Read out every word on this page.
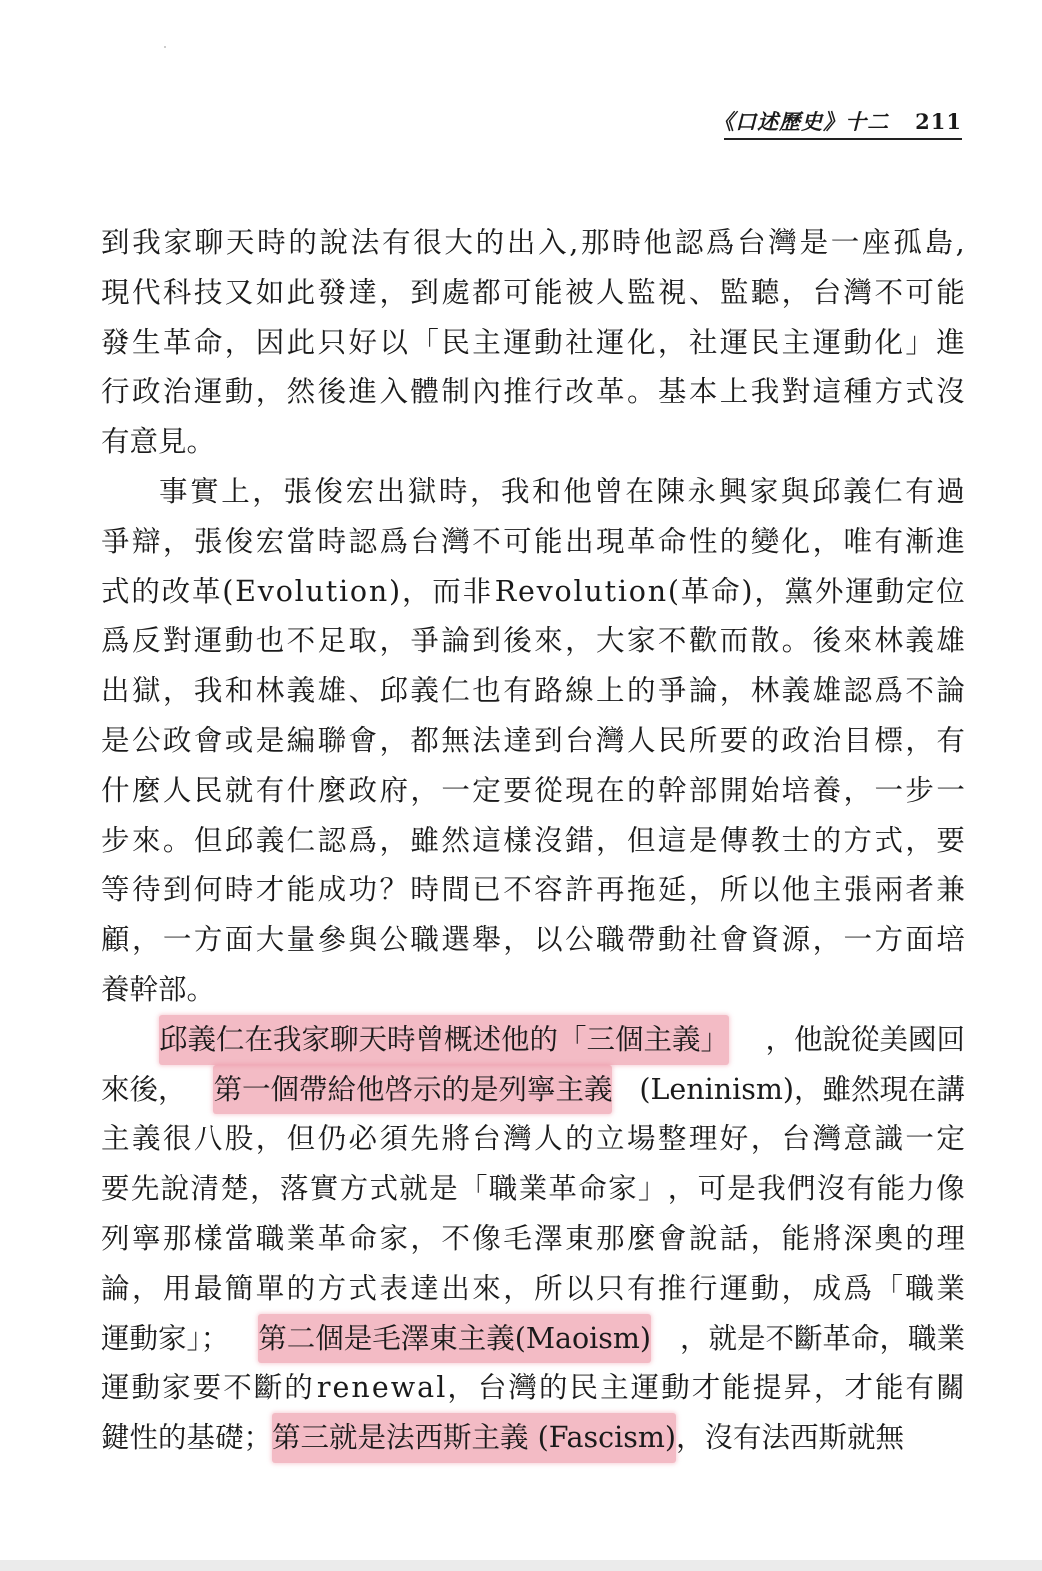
《口述歷史》十二 211
到 我 家 聊 天 時 的 說 法 有 很 大 的 出 入 , 那 時 他 認 爲 台 灣 是 一 座 孤 島 ,
現 代 科 技 又 如 此 發 達 ， 到 處 都 可 能 被 人 監 視 、 監 聽 ， 台 灣 不 可 能
發 生 革 命 ， 因 此 只 好 以 「 民 主 運 動 社 運 化 ， 社 運 民 主 運 動 化 」 進
行 政 治 運 動 ， 然 後 進 入 體 制 內 推 行 改 革 。 基 本 上 我 對 這 種 方 式 沒
有意見。
事 實 上 ， 張 俊 宏 出 獄 時 ， 我 和 他 曾 在 陳 永 興 家 與 邱 義 仁 有 過
爭 辯 ， 張 俊 宏 當 時 認 爲 台 灣 不 可 能 出 現 革 命 性 的 變 化 ， 唯 有 漸 進
式 的 改 革 ( E v o l u t i o n ) ， 而 非 R e v o l u t i o n ( 革 命 ) ， 黨 外 運 動 定 位
爲 反 對 運 動 也 不 足 取 ， 爭 論 到 後 來 ， 大 家 不 歡 而 散 。 後 來 林 義 雄
出 獄 ， 我 和 林 義 雄 、 邱 義 仁 也 有 路 線 上 的 爭 論 ， 林 義 雄 認 爲 不 論
是 公 政 會 或 是 編 聯 會 ， 都 無 法 達 到 台 灣 人 民 所 要 的 政 治 目 標 ， 有
什 麼 人 民 就 有 什 麼 政 府 ， 一 定 要 從 現 在 的 幹 部 開 始 培 養 ， 一 步 一
步 來 。 但 邱 義 仁 認 爲 ， 雖 然 這 樣 沒 錯 ， 但 這 是 傳 教 士 的 方 式 ， 要
等 待 到 何 時 才 能 成 功 ？ 時 間 已 不 容 許 再 拖 延 ， 所 以 他 主 張 兩 者 兼
顧 ， 一 方 面 大 量 參 與 公 職 選 舉 ， 以 公 職 帶 動 社 會 資 源 ， 一 方 面 培
養幹部。
邱義仁在我家聊天時曾概述他的「三個主義」 ，他說從美國回
來後， 第一個帶給他啓示的是列寧主義 (Leninism)，雖然現在講
主 義 很 八 股 ， 但 仍 必 須 先 將 台 灣 人 的 立 場 整 理 好 ， 台 灣 意 識 一 定
要 先 說 清 楚 ， 落 實 方 式 就 是 「 職 業 革 命 家 」 ， 可 是 我 們 沒 有 能 力 像
列 寧 那 樣 當 職 業 革 命 家 ， 不 像 毛 澤 東 那 麼 會 說 話 ， 能 將 深 奧 的 理
論 ， 用 最 簡 單 的 方 式 表 達 出 來 ， 所 以 只 有 推 行 運 動 ， 成 爲 「 職 業
運動家」； 第二個是毛澤東主義(Maoism) ，就是不斷革命，職業
運 動 家 要 不 斷 的 r e n e w a l ， 台 灣 的 民 主 運 動 才 能 提 昇 ， 才 能 有 關
鍵性的基礎； 第三就是法西斯主義 (Fascism) ，沒有法西斯就無
